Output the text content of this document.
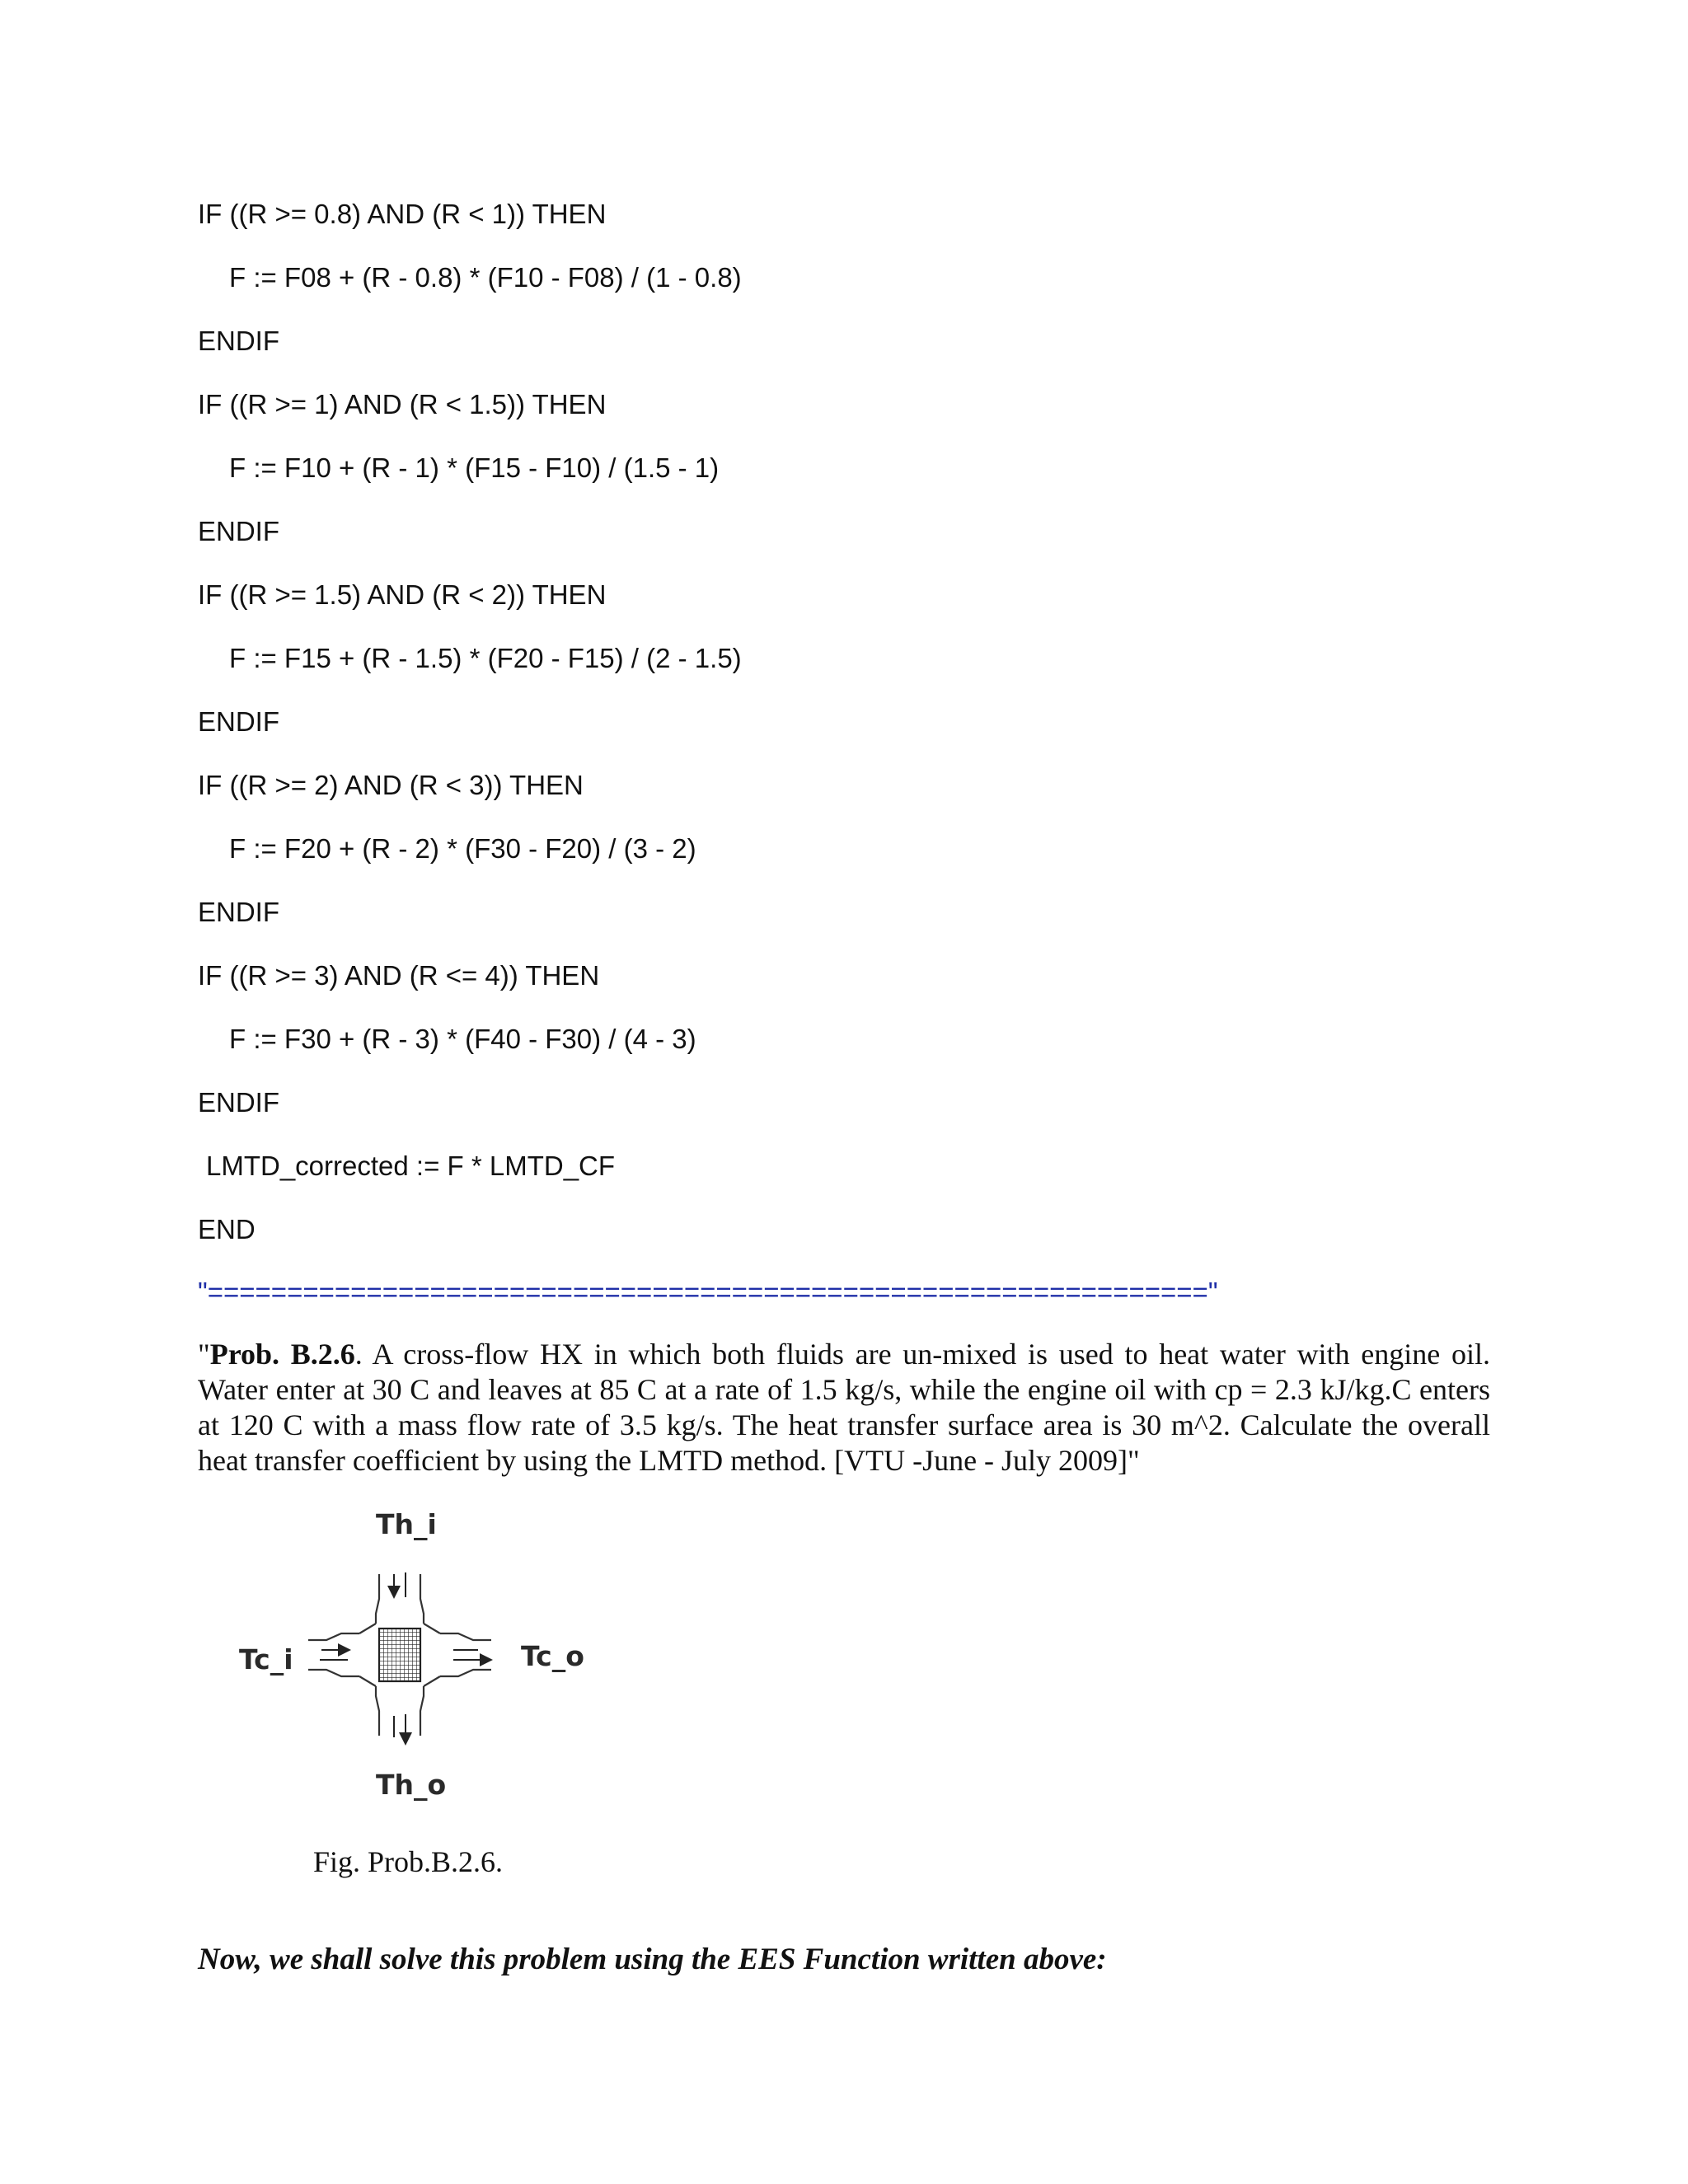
IF ((R >= 0.8) AND (R < 1)) THEN
F := F08 + (R - 0.8) * (F10 - F08) / (1 - 0.8)
ENDIF
IF ((R >= 1) AND (R < 1.5)) THEN
F := F10 + (R - 1) * (F15 - F10) / (1.5 - 1)
ENDIF
IF ((R >= 1.5) AND (R < 2)) THEN
F := F15 + (R - 1.5) * (F20 - F15) / (2 - 1.5)
ENDIF
IF ((R >= 2) AND (R < 3)) THEN
F := F20 + (R - 2) * (F30 - F20) / (3 - 2)
ENDIF
IF ((R >= 3) AND (R <= 4)) THEN
F := F30 + (R - 3) * (F40 - F30) / (4 - 3)
ENDIF
LMTD_corrected := F * LMTD_CF
END
"==============================================================="
"Prob. B.2.6. A cross-flow HX in which both fluids are un-mixed is used to heat water with engine oil. Water enter at 30 C and leaves at 85 C at a rate of 1.5 kg/s, while the engine oil with cp = 2.3 kJ/kg.C enters at 120 C with a mass flow rate of 3.5 kg/s. The heat transfer surface area is 30 m^2. Calculate the overall heat transfer coefficient by using the LMTD method. [VTU -June - July 2009]"
Th_i
Th_o
Tc_i	Tc_o
Fig. Prob.B.2.6.
Now, we shall solve this problem using the EES Function written above:
